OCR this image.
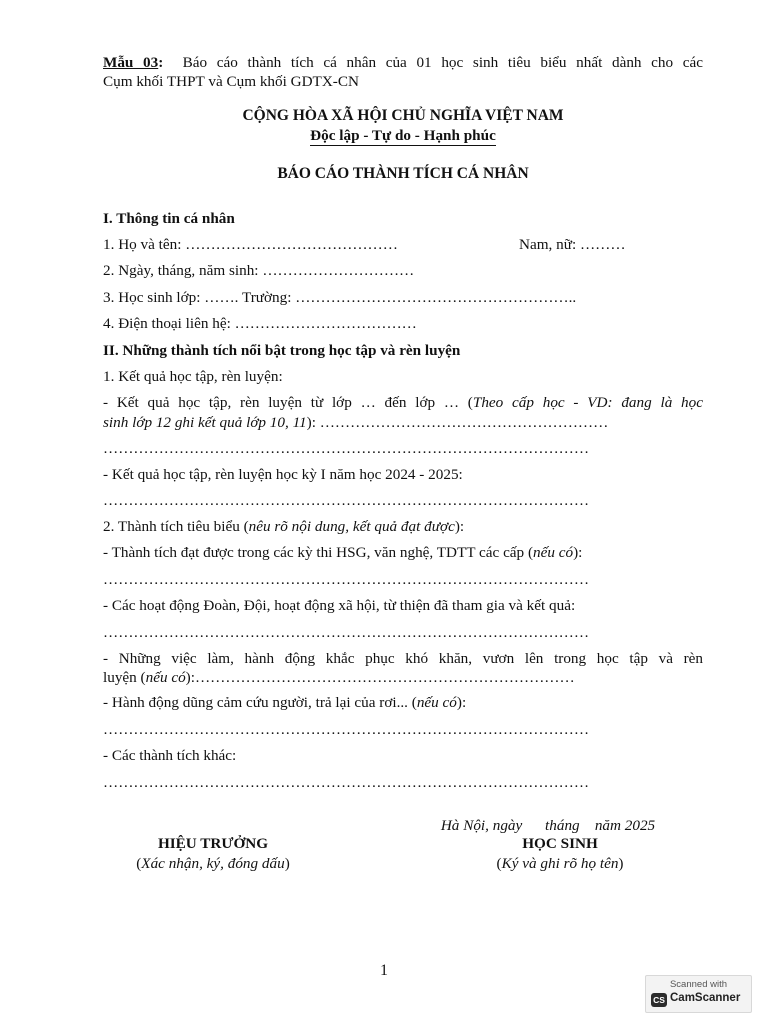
Mẫu 03: Báo cáo thành tích cá nhân của 01 học sinh tiêu biểu nhất dành cho các
Cụm khối THPT và Cụm khối GDTX-CN
CỘNG HÒA XÃ HỘI CHỦ NGHĨA VIỆT NAM
Độc lập - Tự do - Hạnh phúc
BÁO CÁO THÀNH TÍCH CÁ NHÂN
I. Thông tin cá nhân
1. Họ và tên: ……………………………………	Nam, nữ: ………
2. Ngày, tháng, năm sinh: …………………………
3. Học sinh lớp: ……. Trường: ………………………………………………..
4. Điện thoại liên hệ: ………………………………
II. Những thành tích nổi bật trong học tập và rèn luyện
1. Kết quả học tập, rèn luyện:
- Kết quả học tập, rèn luyện từ lớp … đến lớp … (Theo cấp học - VD: đang là học
sinh lớp 12 ghi kết quả lớp 10, 11): …………………………………………………
……………………………………………………………………………………
- Kết quả học tập, rèn luyện học kỳ I năm học 2024 - 2025:
……………………………………………………………………………………
2. Thành tích tiêu biểu (nêu rõ nội dung, kết quả đạt được):
- Thành tích đạt được trong các kỳ thi HSG, văn nghệ, TDTT các cấp (nếu có):
……………………………………………………………………………………
- Các hoạt động Đoàn, Đội, hoạt động xã hội, từ thiện đã tham gia và kết quả:
……………………………………………………………………………………
- Những việc làm, hành động khắc phục khó khăn, vươn lên trong học tập và rèn
luyện (nếu có):…………………………………………………………………
- Hành động dũng cảm cứu người, trả lại của rơi... (nếu có):
……………………………………………………………………………………
- Các thành tích khác:
……………………………………………………………………………………
Hà Nội, ngày      tháng    năm 2025
HIỆU TRƯỞNG
(Xác nhận, ký, đóng dấu)
HỌC SINH
(Ký và ghi rõ họ tên)
1
Scanned with
CS CamScanner
